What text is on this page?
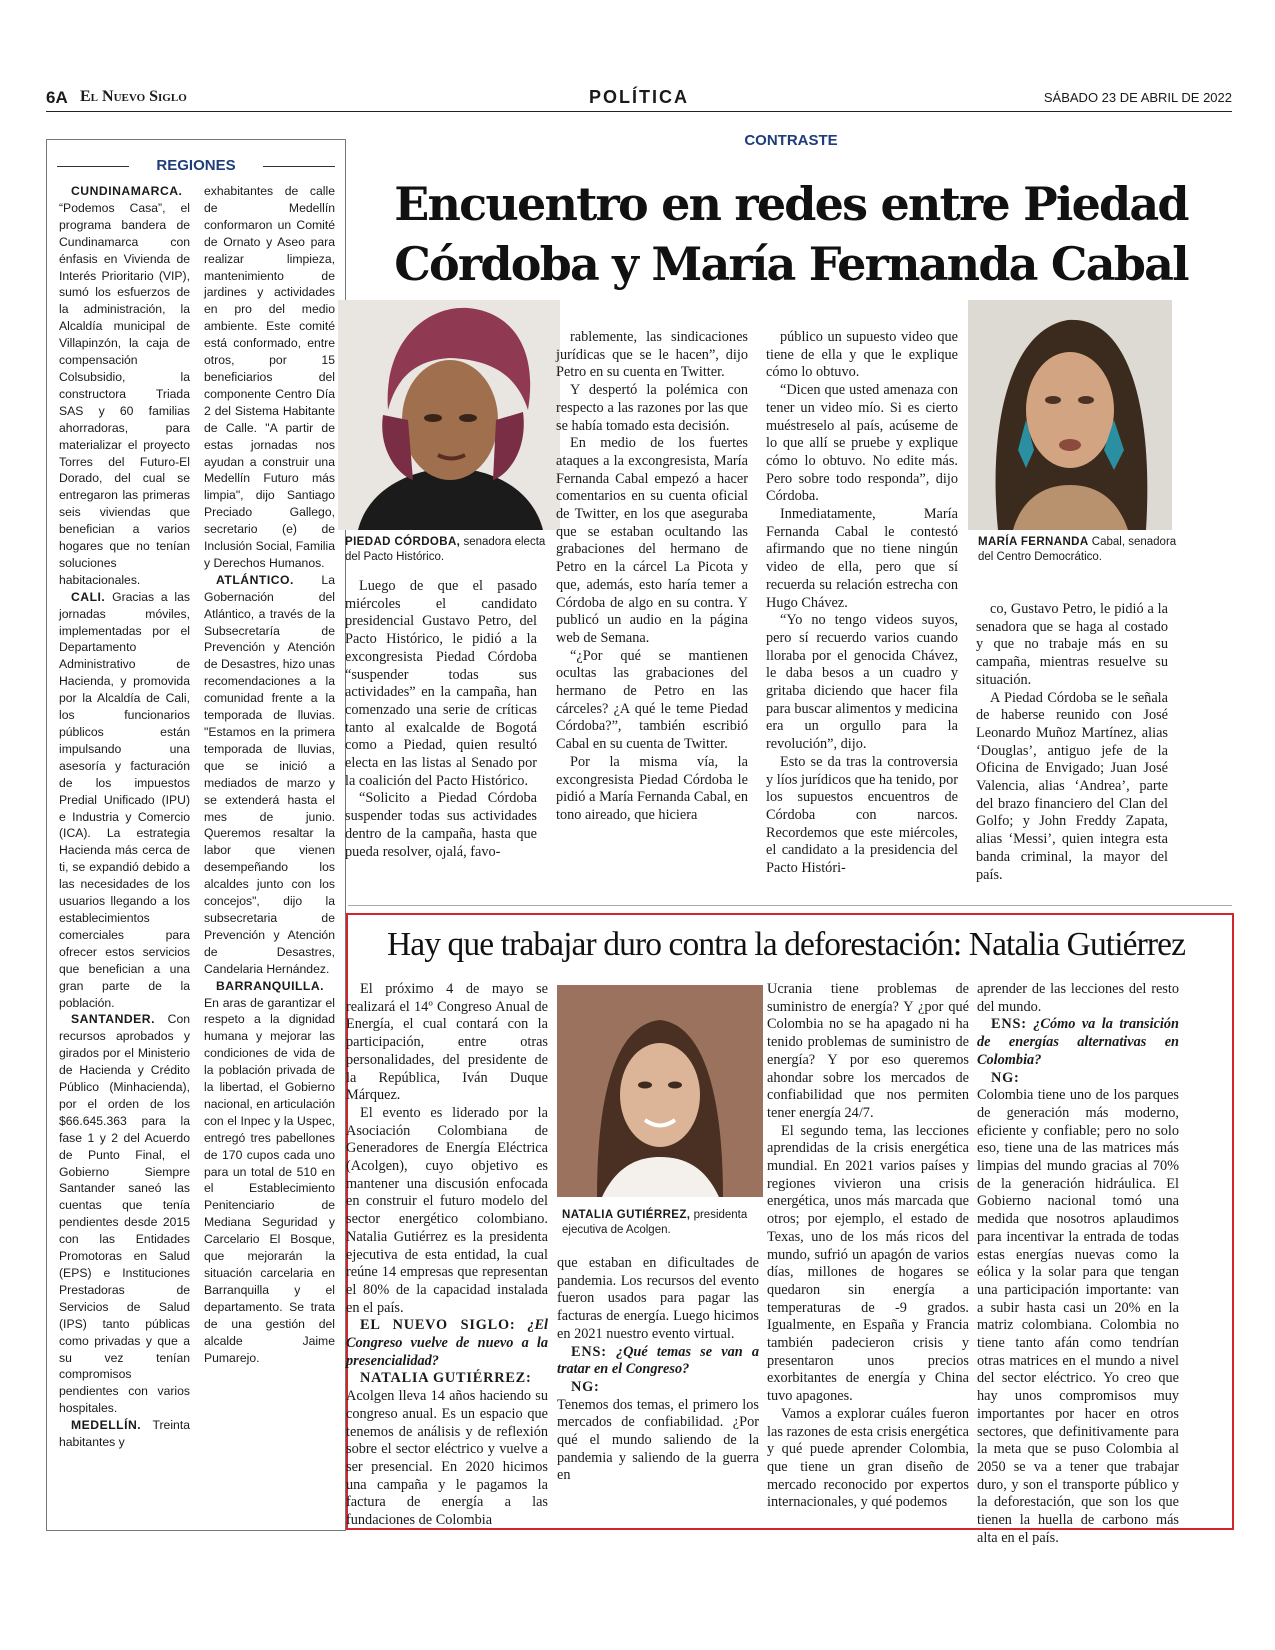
6A El Nuevo Siglo	POLÍTICA	SÁBADO 23 DE ABRIL DE 2022
REGIONES

CUNDINAMARCA. “Podemos Casa”, el programa bandera de Cundinamarca con énfasis en Vivienda de Interés Prioritario (VIP), sumó los esfuerzos de la administración, la Alcaldía municipal de Villapinzón, la caja de compensación Colsubsidio, la constructora Triada SAS y 60 familias ahorradoras, para materializar el proyecto Torres del Futuro-El Dorado, del cual se entregaron las primeras seis viviendas que benefician a varios hogares que no tenían soluciones habitacionales.

CALI. Gracias a las jornadas móviles, implementadas por el Departamento Administrativo de Hacienda, y promovida por la Alcaldía de Cali, los funcionarios públicos están impulsando una asesoría y facturación de los impuestos Predial Unificado (IPU) e Industria y Comercio (ICA). La estrategia Hacienda más cerca de ti, se expandió debido a las necesidades de los usuarios llegando a los establecimientos comerciales para ofrecer estos servicios que benefician a una gran parte de la población.

SANTANDER. Con recursos aprobados y girados por el Ministerio de Hacienda y Crédito Público (Minhacienda), por el orden de los $66.645.363 para la fase 1 y 2 del Acuerdo de Punto Final, el Gobierno Siempre Santander saneó las cuentas que tenía pendientes desde 2015 con las Entidades Promotoras en Salud (EPS) e Instituciones Prestadoras de Servicios de Salud (IPS) tanto públicas como privadas y que a su vez tenían compromisos pendientes con varios hospitales.

MEDELLÍN. Treinta habitantes y

exhabitantes de calle de Medellín conformaron un Comité de Ornato y Aseo para realizar limpieza, mantenimiento de jardines y actividades en pro del medio ambiente. Este comité está conformado, entre otros, por 15 beneficiarios del componente Centro Día 2 del Sistema Habitante de Calle. "A partir de estas jornadas nos ayudan a construir una Medellín Futuro más limpia", dijo Santiago Preciado Gallego, secretario (e) de Inclusión Social, Familia y Derechos Humanos.

ATLÁNTICO. La Gobernación del Atlántico, a través de la Subsecretaría de Prevención y Atención de Desastres, hizo unas recomendaciones a la comunidad frente a la temporada de lluvias. "Estamos en la primera temporada de lluvias, que se inició a mediados de marzo y se extenderá hasta el mes de junio. Queremos resaltar la labor que vienen desempeñando los alcaldes junto con los concejos", dijo la subsecretaria de Prevención y Atención de Desastres, Candelaria Hernández.

BARRANQUILLA. En aras de garantizar el respeto a la dignidad humana y mejorar las condiciones de vida de la población privada de la libertad, el Gobierno nacional, en articulación con el Inpec y la Uspec, entregó tres pabellones de 170 cupos cada uno para un total de 510 en el Establecimiento Penitenciario de Mediana Seguridad y Carcelario El Bosque, que mejorarán la situación carcelaria en Barranquilla y el departamento. Se trata de una gestión del alcalde Jaime Pumarejo.

CONTRASTE
Encuentro en redes entre Piedad Córdoba y María Fernanda Cabal
PIEDAD CÓRDOBA, senadora electa del Pacto Histórico.
MARÍA FERNANDA Cabal, senadora del Centro Democrático.

Luego de que el pasado miércoles el candidato presidencial Gustavo Petro, del Pacto Histórico, le pidió a la excongresista Piedad Córdoba “suspender todas sus actividades” en la campaña, han comenzado una serie de críticas tanto al exalcalde de Bogotá como a Piedad, quien resultó electa en las listas al Senado por la coalición del Pacto Histórico.

“Solicito a Piedad Córdoba suspender todas sus actividades dentro de la campaña, hasta que pueda resolver, ojalá, favo-

rablemente, las sindicaciones jurídicas que se le hacen”, dijo Petro en su cuenta en Twitter.

Y despertó la polémica con respecto a las razones por las que se había tomado esta decisión.

En medio de los fuertes ataques a la excongresista, María Fernanda Cabal empezó a hacer comentarios en su cuenta oficial de Twitter, en los que aseguraba que se estaban ocultando las grabaciones del hermano de Petro en la cárcel La Picota y que, además, esto haría temer a Córdoba de algo en su contra. Y publicó un audio en la página web de Semana.

“¿Por qué se mantienen ocultas las grabaciones del hermano de Petro en las cárceles? ¿A qué le teme Piedad Córdoba?”, también escribió Cabal en su cuenta de Twitter.

Por la misma vía, la excongresista Piedad Córdoba le pidió a María Fernanda Cabal, en tono aireado, que hiciera

público un supuesto video que tiene de ella y que le explique cómo lo obtuvo.

“Dicen que usted amenaza con tener un video mío. Si es cierto muéstreselo al país, acúseme de lo que allí se pruebe y explique cómo lo obtuvo. No edite más. Pero sobre todo responda”, dijo Córdoba.

Inmediatamente, María Fernanda Cabal le contestó afirmando que no tiene ningún video de ella, pero que sí recuerda su relación estrecha con Hugo Chávez.

“Yo no tengo videos suyos, pero sí recuerdo varios cuando lloraba por el genocida Chávez, le daba besos a un cuadro y gritaba diciendo que hacer fila para buscar alimentos y medicina era un orgullo para la revolución”, dijo.

Esto se da tras la controversia y líos jurídicos que ha tenido, por los supuestos encuentros de Córdoba con narcos. Recordemos que este miércoles, el candidato a la presidencia del Pacto Históri-

co, Gustavo Petro, le pidió a la senadora que se haga al costado y que no trabaje más en su campaña, mientras resuelve su situación.

A Piedad Córdoba se le señala de haberse reunido con José Leonardo Muñoz Martínez, alias ‘Douglas’, antiguo jefe de la Oficina de Envigado; Juan José Valencia, alias ‘Andrea’, parte del brazo financiero del Clan del Golfo; y John Freddy Zapata, alias ‘Messi’, quien integra esta banda criminal, la mayor del país.

Hay que trabajar duro contra la deforestación: Natalia Gutiérrez
NATALIA GUTIÉRREZ, presidenta ejecutiva de Acolgen.

El próximo 4 de mayo se realizará el 14º Congreso Anual de Energía, el cual contará con la participación, entre otras personalidades, del presidente de la República, Iván Duque Márquez.

El evento es liderado por la Asociación Colombiana de Generadores de Energía Eléctrica (Acolgen), cuyo objetivo es mantener una discusión enfocada en construir el futuro modelo del sector energético colombiano. Natalia Gutiérrez es la presidenta ejecutiva de esta entidad, la cual reúne 14 empresas que representan el 80% de la capacidad instalada en el país.

EL NUEVO SIGLO: ¿El Congreso vuelve de nuevo a la presencialidad?

NATALIA GUTIÉRREZ:

Acolgen lleva 14 años haciendo su congreso anual. Es un espacio que tenemos de análisis y de reflexión sobre el sector eléctrico y vuelve a ser presencial. En 2020 hicimos una campaña y le pagamos la factura de energía a las fundaciones de Colombia

que estaban en dificultades de pandemia. Los recursos del evento fueron usados para pagar las facturas de energía. Luego hicimos en 2021 nuestro evento virtual.

ENS: ¿Qué temas se van a tratar en el Congreso?

NG:

Tenemos dos temas, el primero los mercados de confiabilidad. ¿Por qué el mundo saliendo de la pandemia y saliendo de la guerra en

Ucrania tiene problemas de suministro de energía? Y ¿por qué Colombia no se ha apagado ni ha tenido problemas de suministro de energía? Y por eso queremos ahondar sobre los mercados de confiabilidad que nos permiten tener energía 24/7.

El segundo tema, las lecciones aprendidas de la crisis energética mundial. En 2021 varios países y regiones vivieron una crisis energética, unos más marcada que otros; por ejemplo, el estado de Texas, uno de los más ricos del mundo, sufrió un apagón de varios días, millones de hogares se quedaron sin energía a temperaturas de -9 grados. Igualmente, en España y Francia también padecieron crisis y presentaron unos precios exorbitantes de energía y China tuvo apagones.

Vamos a explorar cuáles fueron las razones de esta crisis energética y qué puede aprender Colombia, que tiene un gran diseño de mercado reconocido por expertos internacionales, y qué podemos

aprender de las lecciones del resto del mundo.

ENS: ¿Cómo va la transición de energías alternativas en Colombia?

NG:

Colombia tiene uno de los parques de generación más moderno, eficiente y confiable; pero no solo eso, tiene una de las matrices más limpias del mundo gracias al 70% de la generación hidráulica. El Gobierno nacional tomó una medida que nosotros aplaudimos para incentivar la entrada de todas estas energías nuevas como la eólica y la solar para que tengan una participación importante: van a subir hasta casi un 20% en la matriz colombiana. Colombia no tiene tanto afán como tendrían otras matrices en el mundo a nivel del sector eléctrico. Yo creo que hay unos compromisos muy importantes por hacer en otros sectores, que definitivamente para la meta que se puso Colombia al 2050 se va a tener que trabajar duro, y son el transporte público y la deforestación, que son los que tienen la huella de carbono más alta en el país.
